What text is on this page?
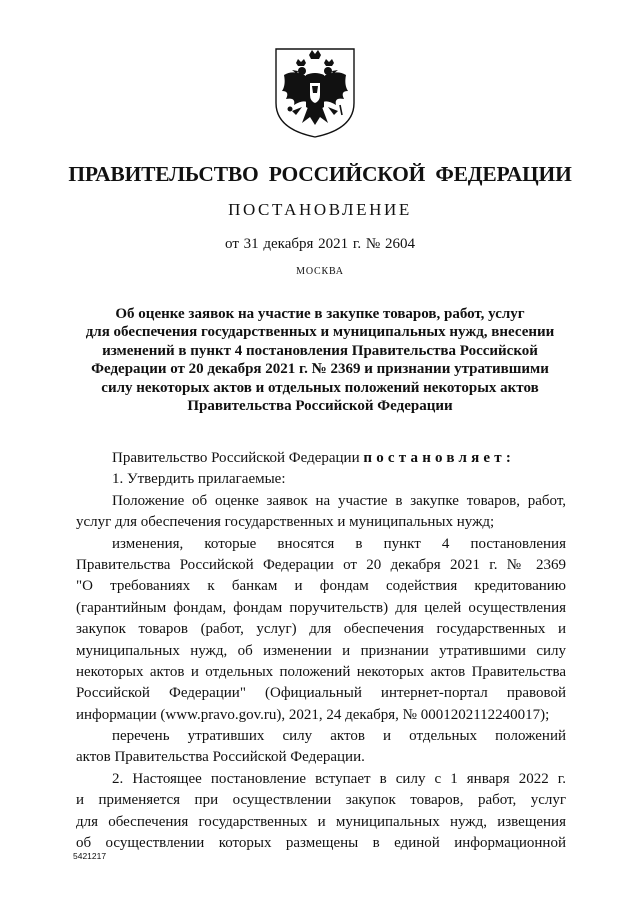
ПРАВИТЕЛЬСТВО РОССИЙСКОЙ ФЕДЕРАЦИИ
ПОСТАНОВЛЕНИЕ
от 31 декабря 2021 г. № 2604
МОСКВА
Об оценке заявок на участие в закупке товаров, работ, услуг
для обеспечения государственных и муниципальных нужд, внесении
изменений в пункт 4 постановления Правительства Российской
Федерации от 20 декабря 2021 г. № 2369 и признании утратившими
силу некоторых актов и отдельных положений некоторых актов
Правительства Российской Федерации
Правительство Российской Федерации постановляет:
1. Утвердить прилагаемые:
Положение об оценке заявок на участие в закупке товаров, работ,
услуг для обеспечения государственных и муниципальных нужд;
изменения, которые вносятся в пункт 4 постановления
Правительства Российской Федерации от 20 декабря 2021 г. № 2369
"О требованиях к банкам и фондам содействия кредитованию
(гарантийным фондам, фондам поручительств) для целей осуществления
закупок товаров (работ, услуг) для обеспечения государственных и
муниципальных нужд, об изменении и признании утратившими силу
некоторых актов и отдельных положений некоторых актов Правительства
Российской Федерации" (Официальный интернет-портал правовой
информации (www.pravo.gov.ru), 2021, 24 декабря, № 0001202112240017);
перечень утративших силу актов и отдельных положений
актов Правительства Российской Федерации.
2. Настоящее постановление вступает в силу с 1 января 2022 г.
и применяется при осуществлении закупок товаров, работ, услуг
для обеспечения государственных и муниципальных нужд, извещения
об осуществлении которых размещены в единой информационной
5421217
